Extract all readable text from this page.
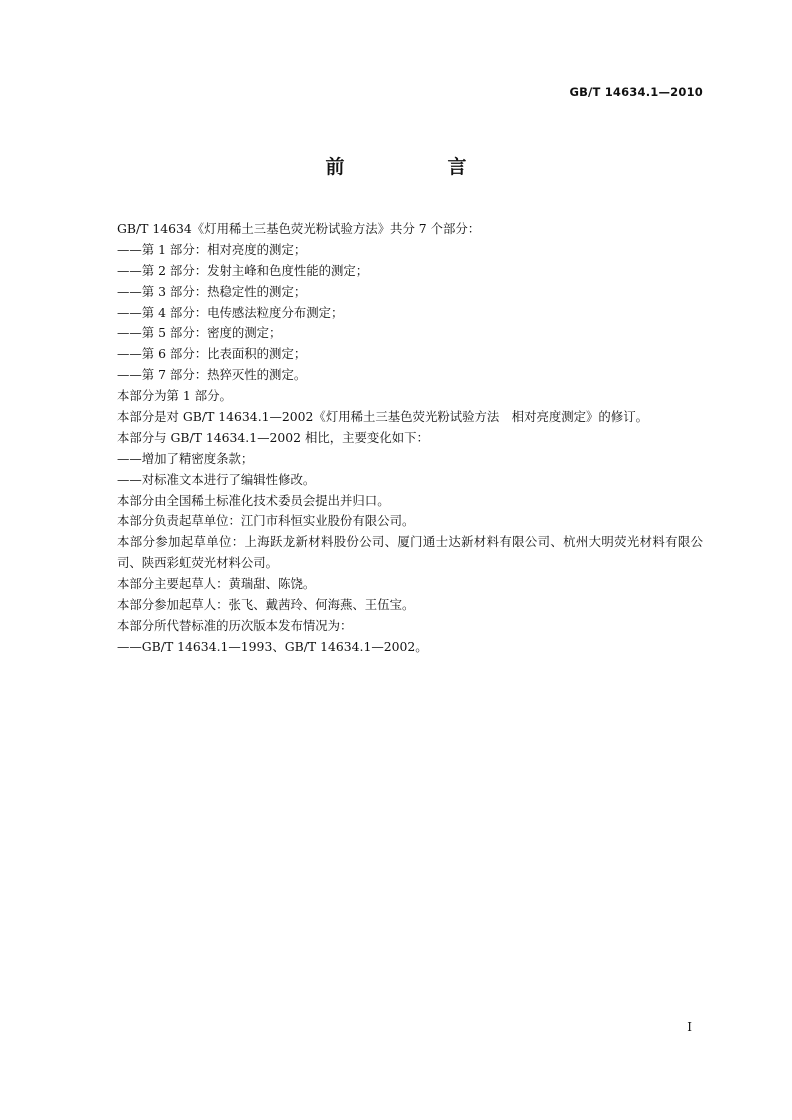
GB/T 14634.1—2010
前　言
GB/T 14634《灯用稀土三基色荧光粉试验方法》共分 7 个部分：
——第 1 部分：相对亮度的测定；
——第 2 部分：发射主峰和色度性能的测定；
——第 3 部分：热稳定性的测定；
——第 4 部分：电传感法粒度分布测定；
——第 5 部分：密度的测定；
——第 6 部分：比表面积的测定；
——第 7 部分：热猝灭性的测定。
本部分为第 1 部分。
本部分是对 GB/T 14634.1—2002《灯用稀土三基色荧光粉试验方法　相对亮度测定》的修订。
本部分与 GB/T 14634.1—2002 相比，主要变化如下：
——增加了精密度条款；
——对标准文本进行了编辑性修改。
本部分由全国稀土标准化技术委员会提出并归口。
本部分负责起草单位：江门市科恒实业股份有限公司。
本部分参加起草单位：上海跃龙新材料股份公司、厦门通士达新材料有限公司、杭州大明荧光材料有限公司、陕西彩虹荧光材料公司。
本部分主要起草人：黄瑞甜、陈饶。
本部分参加起草人：张飞、戴茜玲、何海燕、王伍宝。
本部分所代替标准的历次版本发布情况为：
——GB/T 14634.1—1993、GB/T 14634.1—2002。
I
